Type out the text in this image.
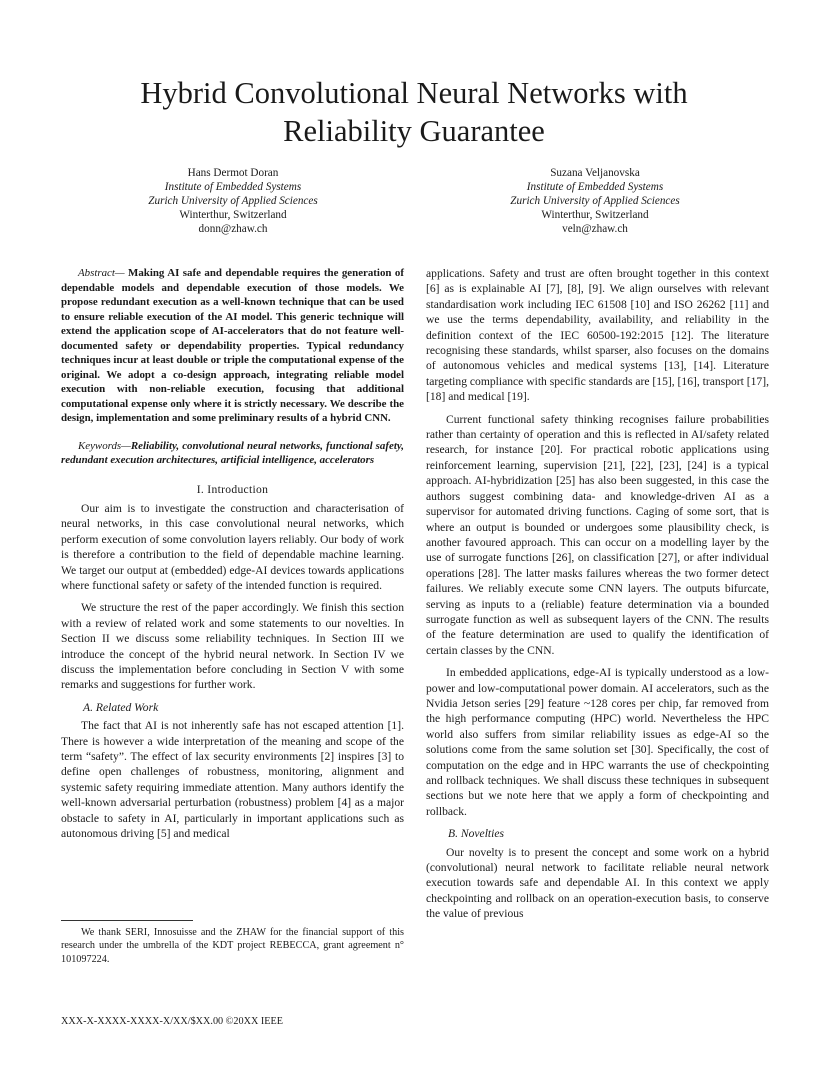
Hybrid Convolutional Neural Networks with
Reliability Guarantee
Hans Dermot Doran
Institute of Embedded Systems
Zurich University of Applied Sciences
Winterthur, Switzerland
donn@zhaw.ch
Suzana Veljanovska
Institute of Embedded Systems
Zurich University of Applied Sciences
Winterthur, Switzerland
veln@zhaw.ch

Abstract— Making AI safe and dependable requires the generation of dependable models and dependable execution of those models. We propose redundant execution as a well-known technique that can be used to ensure reliable execution of the AI model. This generic technique will extend the application scope of AI-accelerators that do not feature well-documented safety or dependability properties. Typical redundancy techniques incur at least double or triple the computational expense of the original. We adopt a co-design approach, integrating reliable model execution with non-reliable execution, focusing that additional computational expense only where it is strictly necessary. We describe the design, implementation and some preliminary results of a hybrid CNN.

Keywords—Reliability, convolutional neural networks, functional safety, redundant execution architectures, artificial intelligence, accelerators

I. Introduction

Our aim is to investigate the construction and characterisation of neural networks, in this case convolutional neural networks, which perform execution of some convolution layers reliably. Our body of work is therefore a contribution to the field of dependable machine learning. We target our output at (embedded) edge-AI devices towards applications where functional safety or safety of the intended function is required.

We structure the rest of the paper accordingly. We finish this section with a review of related work and some statements to our novelties. In Section II we discuss some reliability techniques. In Section III we introduce the concept of the hybrid neural network. In Section IV we discuss the implementation before concluding in Section V with some remarks and suggestions for further work.

A. Related Work

The fact that AI is not inherently safe has not escaped attention [1]. There is however a wide interpretation of the meaning and scope of the term “safety”. The effect of lax security environments [2] inspires [3] to define open challenges of robustness, monitoring, alignment and systemic safety requiring immediate attention. Many authors identify the well-known adversarial perturbation (robustness) problem [4] as a major obstacle to safety in AI, particularly in important applications such as autonomous driving [5] and medical

applications. Safety and trust are often brought together in this context [6] as is explainable AI [7], [8], [9]. We align ourselves with relevant standardisation work including IEC 61508 [10] and ISO 26262 [11] and we use the terms dependability, availability, and reliability in the definition context of the IEC 60500-192:2015 [12]. The literature recognising these standards, whilst sparser, also focuses on the domains of autonomous vehicles and medical systems [13], [14]. Literature targeting compliance with specific standards are [15], [16], transport [17], [18] and medical [19].

Current functional safety thinking recognises failure probabilities rather than certainty of operation and this is reflected in AI/safety related research, for instance [20]. For practical robotic applications using reinforcement learning, supervision [21], [22], [23], [24] is a typical approach. AI-hybridization [25] has also been suggested, in this case the authors suggest combining data- and knowledge-driven AI as a supervisor for automated driving functions. Caging of some sort, that is where an output is bounded or undergoes some plausibility check, is another favoured approach. This can occur on a modelling layer by the use of surrogate functions [26], on classification [27], or after individual operations [28]. The latter masks failures whereas the two former detect failures. We reliably execute some CNN layers. The outputs bifurcate, serving as inputs to a (reliable) feature determination via a bounded surrogate function as well as subsequent layers of the CNN. The results of the feature determination are used to qualify the identification of certain classes by the CNN.

In embedded applications, edge-AI is typically understood as a low-power and low-computational power domain. AI accelerators, such as the Nvidia Jetson series [29] feature ~128 cores per chip, far removed from the high performance computing (HPC) world. Nevertheless the HPC world also suffers from similar reliability issues as edge-AI so the solutions come from the same solution set [30]. Specifically, the cost of computation on the edge and in HPC warrants the use of checkpointing and rollback techniques. We shall discuss these techniques in subsequent sections but we note here that we apply a form of checkpointing and rollback.

B. Novelties

Our novelty is to present the concept and some work on a hybrid (convolutional) neural network to facilitate reliable neural network execution towards safe and dependable AI. In this context we apply checkpointing and rollback on an operation-execution basis, to conserve the value of previous

We thank SERI, Innosuisse and the ZHAW for the financial support of this research under the umbrella of the KDT project REBECCA, grant agreement n° 101097224.
XXX-X-XXXX-XXXX-X/XX/$XX.00 ©20XX IEEE
